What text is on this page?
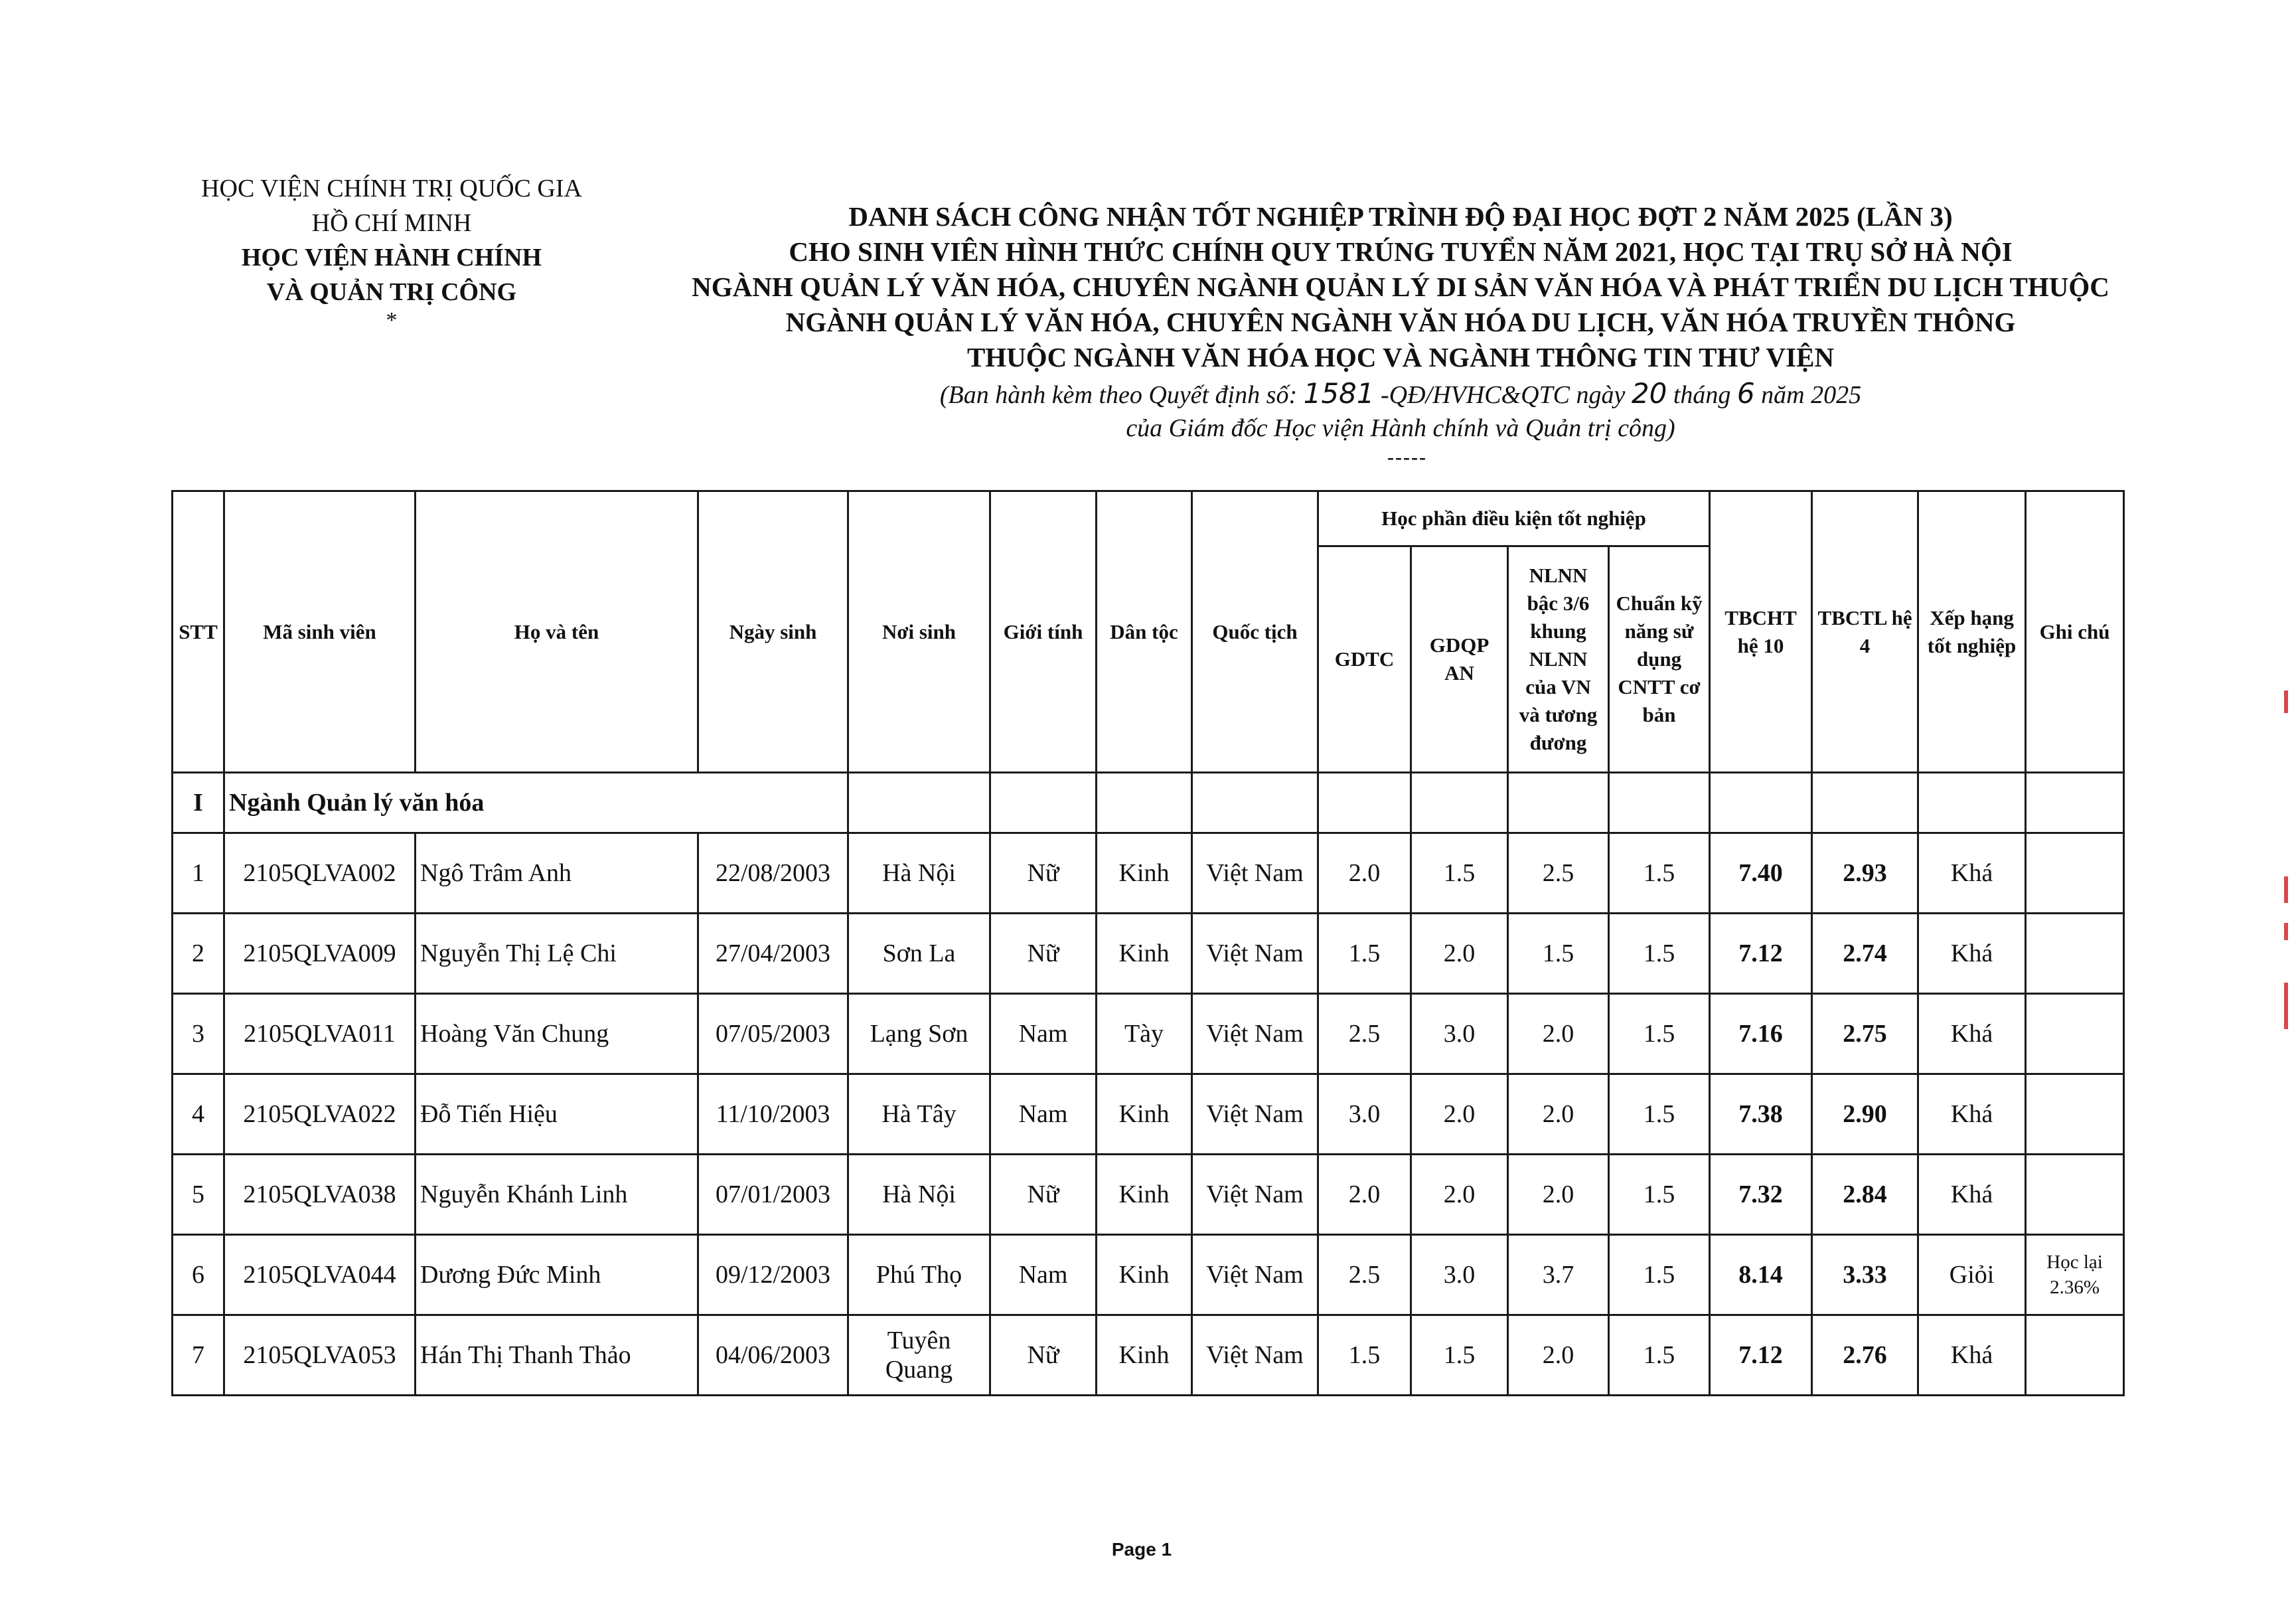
HỌC VIỆN CHÍNH TRỊ QUỐC GIA
HỒ CHÍ MINH
HỌC VIỆN HÀNH CHÍNH
VÀ QUẢN TRỊ CÔNG
*
DANH SÁCH CÔNG NHẬN TỐT NGHIỆP TRÌNH ĐỘ ĐẠI HỌC ĐỢT 2 NĂM 2025 (LẦN 3)
CHO SINH VIÊN HÌNH THỨC CHÍNH QUY TRÚNG TUYỂN NĂM 2021, HỌC TẠI TRỤ SỞ HÀ NỘI
NGÀNH QUẢN LÝ VĂN HÓA, CHUYÊN NGÀNH QUẢN LÝ DI SẢN VĂN HÓA VÀ PHÁT TRIỂN DU LỊCH THUỘC
NGÀNH QUẢN LÝ VĂN HÓA, CHUYÊN NGÀNH VĂN HÓA DU LỊCH, VĂN HÓA TRUYỀN THÔNG
THUỘC NGÀNH VĂN HÓA HỌC VÀ NGÀNH THÔNG TIN THƯ VIỆN
(Ban hành kèm theo Quyết định số: 1581 -QĐ/HVHC&QTC ngày 20 tháng 6 năm 2025
của Giám đốc Học viện Hành chính và Quản trị công)
-----
STT	Mã sinh viên	Họ và tên	Ngày sinh	Nơi sinh	Giới tính	Dân tộc	Quốc tịch	Học phần điều kiện tốt nghiệp				TBCHT hệ 10	TBCTL hệ 4	Xếp hạng tốt nghiệp	Ghi chú
								GDTC	GDQP AN	NLNN bậc 3/6 khung NLNN của VN và tương đương	Chuẩn kỹ năng sử dụng CNTT cơ bản				
I	Ngành Quản lý văn hóa														
1	2105QLVA002	Ngô Trâm Anh	22/08/2003	Hà Nội	Nữ	Kinh	Việt Nam	2.0	1.5	2.5	1.5	7.40	2.93	Khá	
2	2105QLVA009	Nguyễn Thị Lệ Chi	27/04/2003	Sơn La	Nữ	Kinh	Việt Nam	1.5	2.0	1.5	1.5	7.12	2.74	Khá	
3	2105QLVA011	Hoàng Văn Chung	07/05/2003	Lạng Sơn	Nam	Tày	Việt Nam	2.5	3.0	2.0	1.5	7.16	2.75	Khá	
4	2105QLVA022	Đỗ Tiến Hiệu	11/10/2003	Hà Tây	Nam	Kinh	Việt Nam	3.0	2.0	2.0	1.5	7.38	2.90	Khá	
5	2105QLVA038	Nguyễn Khánh Linh	07/01/2003	Hà Nội	Nữ	Kinh	Việt Nam	2.0	2.0	2.0	1.5	7.32	2.84	Khá	
6	2105QLVA044	Dương Đức Minh	09/12/2003	Phú Thọ	Nam	Kinh	Việt Nam	2.5	3.0	3.7	1.5	8.14	3.33	Giỏi	Học lại 2.36%
7	2105QLVA053	Hán Thị Thanh Thảo	04/06/2003	Tuyên Quang	Nữ	Kinh	Việt Nam	1.5	1.5	2.0	1.5	7.12	2.76	Khá	
Page 1
